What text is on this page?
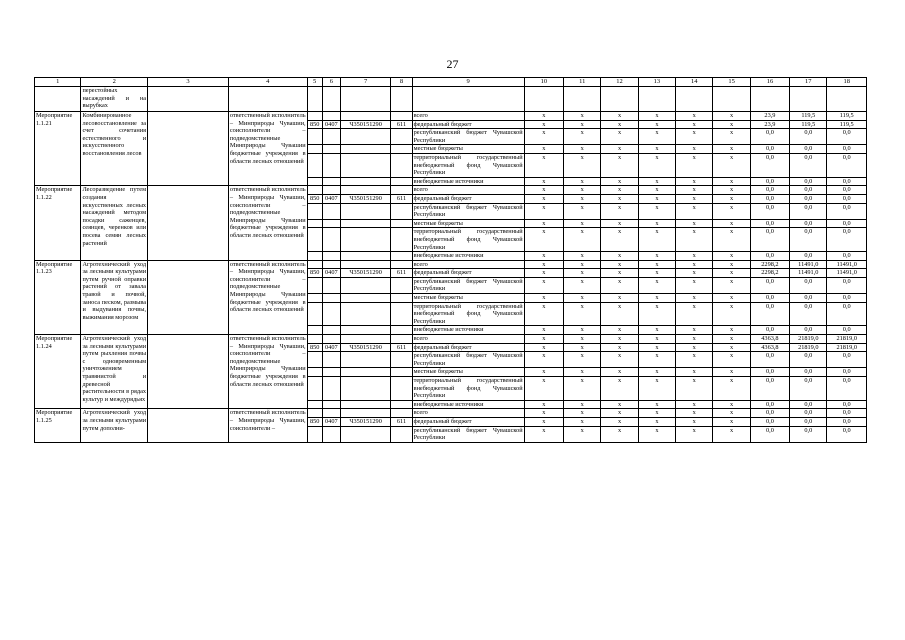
27
1	2	3	4	5	6	7	8	9	10	11	12	13	14	15	16	17	18
	перестойных насаждений и на вырубках																
Мероприятие 1.1.21	Комбинированное лесовосстановление за счет сочетания естественного и искусственного восстановления лесов		ответственный исполнитель – Минприроды Чувашии, соисполнители – подведомственные Минприроды Чувашии бюджетные учреждения в области лесных отношений					всего	x	x	x	x	x	x	23,9	119,5	119,5
				850	0407	Ч350151290	611	федеральный бюджет	x	x	x	x	x	x	23,9	119,5	119,5
								республиканский бюджет Чувашской Республики	x	x	x	x	x	x	0,0	0,0	0,0
								местные бюджеты	x	x	x	x	x	x	0,0	0,0	0,0
								территориальный государственный внебюджетный фонд Чувашской Республики	x	x	x	x	x	x	0,0	0,0	0,0
								внебюджетные источники	x	x	x	x	x	x	0,0	0,0	0,0
Мероприятие 1.1.22	Лесоразведение путем создания искусственных лесных насаждений методом посадки саженцев, сеянцев, черенков или посева семян лесных растений		ответственный исполнитель – Минприроды Чувашии, соисполнители – подведомственные Минприроды Чувашии бюджетные учреждения в области лесных отношений					всего	x	x	x	x	x	x	0,0	0,0	0,0
				850	0407	Ч350151290	611	федеральный бюджет	x	x	x	x	x	x	0,0	0,0	0,0
								республиканский бюджет Чувашской Республики	x	x	x	x	x	x	0,0	0,0	0,0
								местные бюджеты	x	x	x	x	x	x	0,0	0,0	0,0
								территориальный государственный внебюджетный фонд Чувашской Республики	x	x	x	x	x	x	0,0	0,0	0,0
								внебюджетные источники	x	x	x	x	x	x	0,0	0,0	0,0
Мероприятие 1.1.23	Агротехнический уход за лесными культурами путем ручной оправки растений от завала травой и почвой, заноса песком, размыва и выдувания почвы, выжимания морозом		ответственный исполнитель – Минприроды Чувашии, соисполнители – подведомственные Минприроды Чувашии бюджетные учреждения в области лесных отношений					всего	x	x	x	x	x	x	2298,2	11491,0	11491,0
				850	0407	Ч350151290	611	федеральный бюджет	x	x	x	x	x	x	2298,2	11491,0	11491,0
								республиканский бюджет Чувашской Республики	x	x	x	x	x	x	0,0	0,0	0,0
								местные бюджеты	x	x	x	x	x	x	0,0	0,0	0,0
								территориальный государственный внебюджетный фонд Чувашской Республики	x	x	x	x	x	x	0,0	0,0	0,0
								внебюджетные источники	x	x	x	x	x	x	0,0	0,0	0,0
Мероприятие 1.1.24	Агротехнический уход за лесными культурами путем рыхления почвы с одновременным уничтожением травянистой и древесной растительности в рядах культур и междурядьях		ответственный исполнитель – Минприроды Чувашии, соисполнители – подведомственные Минприроды Чувашии бюджетные учреждения в области лесных отношений					всего	x	x	x	x	x	x	4363,8	21819,0	21819,0
				850	0407	Ч350151290	611	федеральный бюджет	x	x	x	x	x	x	4363,8	21819,0	21819,0
								республиканский бюджет Чувашской Республики	x	x	x	x	x	x	0,0	0,0	0,0
								местные бюджеты	x	x	x	x	x	x	0,0	0,0	0,0
								территориальный государственный внебюджетный фонд Чувашской Республики	x	x	x	x	x	x	0,0	0,0	0,0
								внебюджетные источники	x	x	x	x	x	x	0,0	0,0	0,0
Мероприятие 1.1.25	Агротехнический уход за лесными культурами путем дополни-		ответственный исполнитель – Минприроды Чувашии, соисполнители –					всего	x	x	x	x	x	x	0,0	0,0	0,0
				850	0407	Ч350151290	611	федеральный бюджет	x	x	x	x	x	x	0,0	0,0	0,0
								республиканский бюджет Чувашской Республики	x	x	x	x	x	x	0,0	0,0	0,0
